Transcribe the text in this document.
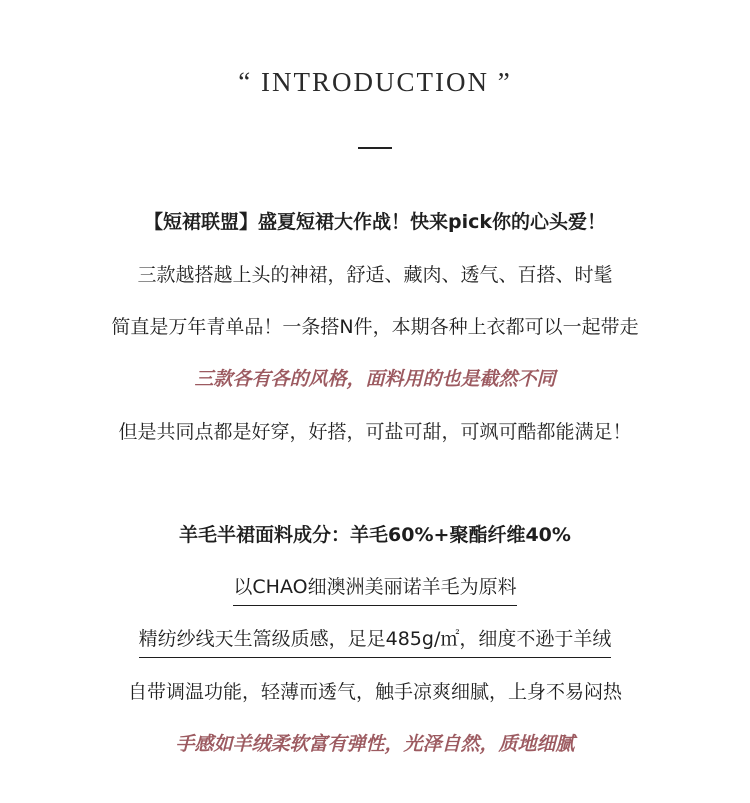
“ INTRODUCTION ”
【短裙联盟】盛夏短裙大作战！快来pick你的心头爱！
三款越搭越上头的神裙，舒适、藏肉、透气、百搭、时髦
简直是万年青单品！一条搭N件，本期各种上衣都可以一起带走
三款各有各的风格，面料用的也是截然不同
但是共同点都是好穿，好搭，可盐可甜，可飒可酷都能满足！
羊毛半裙面料成分：羊毛60%+聚酯纤维40%
以CHAO细澳洲美丽诺羊毛为原料
精纺纱线天生篙级质感，足足485g/㎡，细度不逊于羊绒
自带调温功能，轻薄而透气，触手凉爽细腻，上身不易闷热
手感如羊绒柔软富有弹性，光泽自然，质地细腻
